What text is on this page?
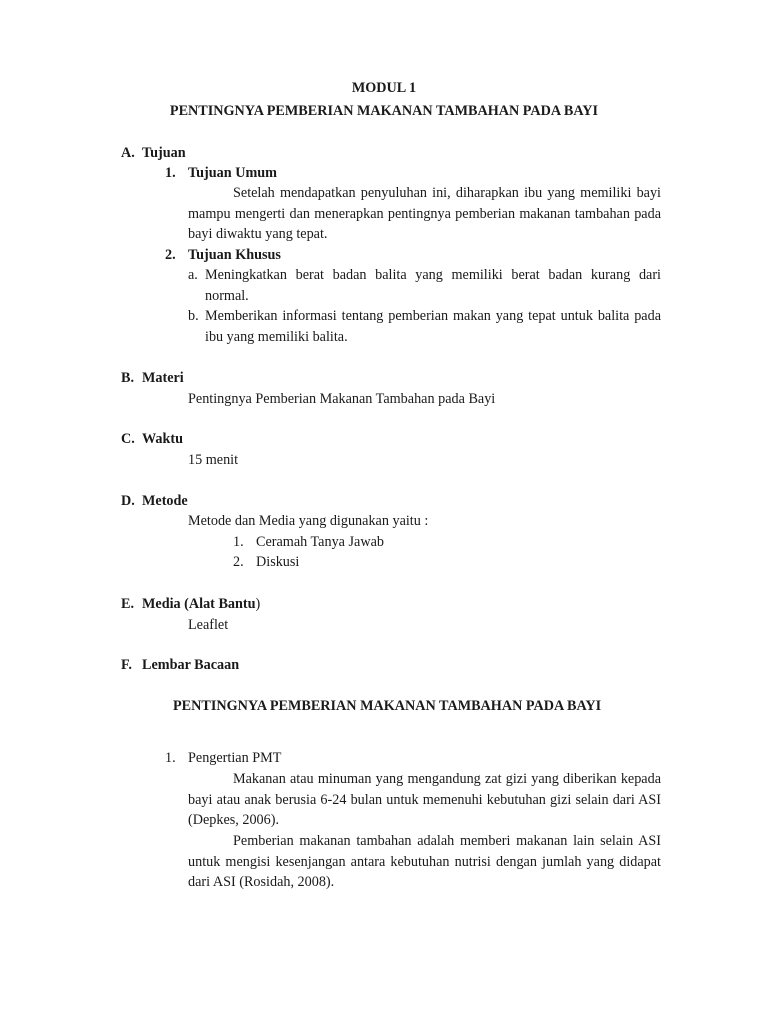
MODUL 1
PENTINGNYA PEMBERIAN MAKANAN TAMBAHAN PADA BAYI
A. Tujuan
1. Tujuan Umum
Setelah mendapatkan penyuluhan ini, diharapkan ibu yang memiliki bayi mampu mengerti dan menerapkan pentingnya pemberian makanan tambahan pada bayi diwaktu yang tepat.
2. Tujuan Khusus
a. Meningkatkan berat badan balita yang memiliki berat badan kurang dari normal.
b. Memberikan informasi tentang pemberian makan yang tepat untuk balita pada ibu yang memiliki balita.
B. Materi
Pentingnya Pemberian Makanan Tambahan pada Bayi
C. Waktu
15 menit
D. Metode
Metode dan Media yang digunakan yaitu :
1. Ceramah Tanya Jawab
2. Diskusi
E. Media (Alat Bantu)
Leaflet
F. Lembar Bacaan
PENTINGNYA PEMBERIAN MAKANAN TAMBAHAN PADA BAYI
1. Pengertian PMT
Makanan atau minuman yang mengandung zat gizi yang diberikan kepada bayi atau anak berusia 6-24 bulan untuk memenuhi kebutuhan gizi selain dari ASI (Depkes, 2006).
Pemberian makanan tambahan adalah memberi makanan lain selain ASI untuk mengisi kesenjangan antara kebutuhan nutrisi dengan jumlah yang didapat dari ASI (Rosidah, 2008).
